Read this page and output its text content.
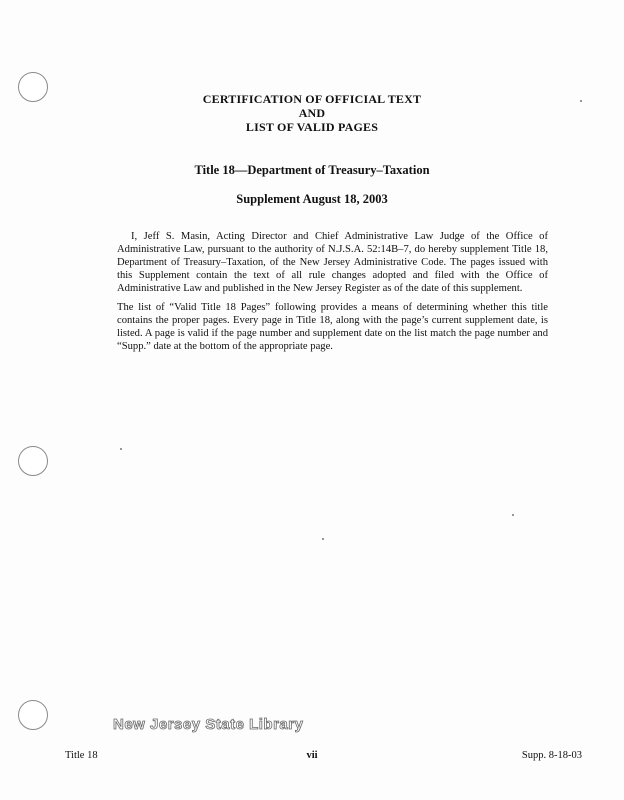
CERTIFICATION OF OFFICIAL TEXT
AND
LIST OF VALID PAGES
Title 18—Department of Treasury–Taxation
Supplement August 18, 2003

I, Jeff S. Masin, Acting Director and Chief Administrative Law Judge of the Office of Administrative Law, pursuant to the authority of N.J.S.A. 52:14B–7, do hereby supplement Title 18, Department of Treasury–Taxation, of the New Jersey Administrative Code. The pages issued with this Supplement contain the text of all rule changes adopted and filed with the Office of Administrative Law and published in the New Jersey Register as of the date of this supplement.

The list of “Valid Title 18 Pages” following provides a means of determining whether this title contains the proper pages. Every page in Title 18, along with the page’s current supplement date, is listed. A page is valid if the page number and supplement date on the list match the page number and “Supp.” date at the bottom of the appropriate page.

New Jersey State Library
Title 18	vii	Supp. 8-18-03
